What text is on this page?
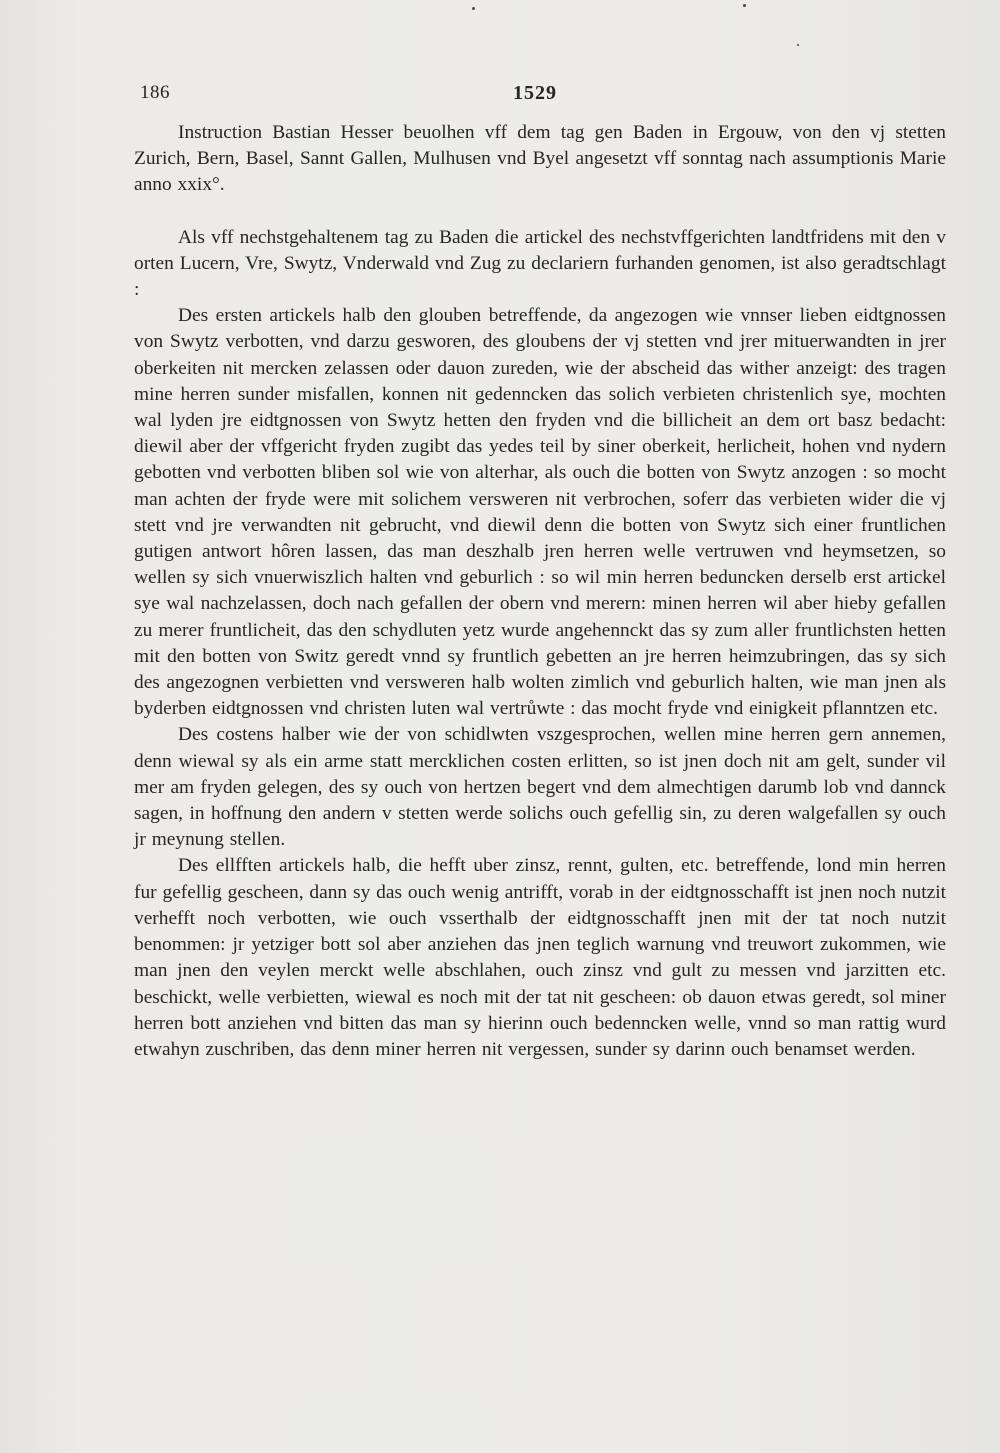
186	1529

Instruction Bastian Hesser beuolhen vff dem tag gen Baden in Ergouw, von den vj stetten Zurich, Bern, Basel, Sannt Gallen, Mulhusen vnd Byel angesetzt vff sonntag nach assumptionis Marie anno xxix°.

Als vff nechstgehaltenem tag zu Baden die artickel des nechstvffgerichten landtfridens mit den v orten Lucern, Vre, Swytz, Vnderwald vnd Zug zu declariern furhanden genomen, ist also geradtschlagt :

Des ersten artickels halb den glouben betreffende, da angezogen wie vnnser lieben eidtgnossen von Swytz verbotten, vnd darzu gesworen, des gloubens der vj stetten vnd jrer mituerwandten in jrer oberkeiten nit mercken zelassen oder dauon zureden, wie der abscheid das wither anzeigt: des tragen mine herren sunder misfallen, konnen nit gedenncken das solich verbieten christenlich sye, mochten wal lyden jre eidtgnossen von Swytz hetten den fryden vnd die billicheit an dem ort basz bedacht: diewil aber der vffgericht fryden zugibt das yedes teil by siner oberkeit, herlicheit, hohen vnd nydern gebotten vnd verbotten bliben sol wie von alterhar, als ouch die botten von Swytz anzogen : so mocht man achten der fryde were mit solichem versweren nit verbrochen, soferr das verbieten wider die vj stett vnd jre verwandten nit gebrucht, vnd diewil denn die botten von Swytz sich einer fruntlichen gutigen antwort hôren lassen, das man deszhalb jren herren welle vertruwen vnd heymsetzen, so wellen sy sich vnuerwiszlich halten vnd geburlich : so wil min herren beduncken derselb erst artickel sye wal nachzelassen, doch nach gefallen der obern vnd merern: minen herren wil aber hieby gefallen zu merer fruntlicheit, das den schydluten yetz wurde angehennckt das sy zum aller fruntlichsten hetten mit den botten von Switz geredt vnnd sy fruntlich gebetten an jre herren heimzubringen, das sy sich des angezognen verbietten vnd versweren halb wolten zimlich vnd geburlich halten, wie man jnen als byderben eidtgnossen vnd christen luten wal vertrůwte : das mocht fryde vnd einigkeit pflanntzen etc.

Des costens halber wie der von schidlwten vszgesprochen, wellen mine herren gern annemen, denn wiewal sy als ein arme statt mercklichen costen erlitten, so ist jnen doch nit am gelt, sunder vil mer am fryden gelegen, des sy ouch von hertzen begert vnd dem almechtigen darumb lob vnd dannck sagen, in hoffnung den andern v stetten werde solichs ouch gefellig sin, zu deren walgefallen sy ouch jr meynung stellen.

Des ellfften artickels halb, die hefft uber zinsz, rennt, gulten, etc. betreffende, lond min herren fur gefellig gescheen, dann sy das ouch wenig antrifft, vorab in der eidtgnosschafft ist jnen noch nutzit verhefft noch verbotten, wie ouch vsserthalb der eidtgnosschafft jnen mit der tat noch nutzit benommen: jr yetziger bott sol aber anziehen das jnen teglich warnung vnd treuwort zukommen, wie man jnen den veylen merckt welle abschlahen, ouch zinsz vnd gult zu messen vnd jarzitten etc. beschickt, welle verbietten, wiewal es noch mit der tat nit gescheen: ob dauon etwas geredt, sol miner herren bott anziehen vnd bitten das man sy hierinn ouch bedenncken welle, vnnd so man rattig wurd etwahyn zuschriben, das denn miner herren nit vergessen, sunder sy darinn ouch benamset werden.
